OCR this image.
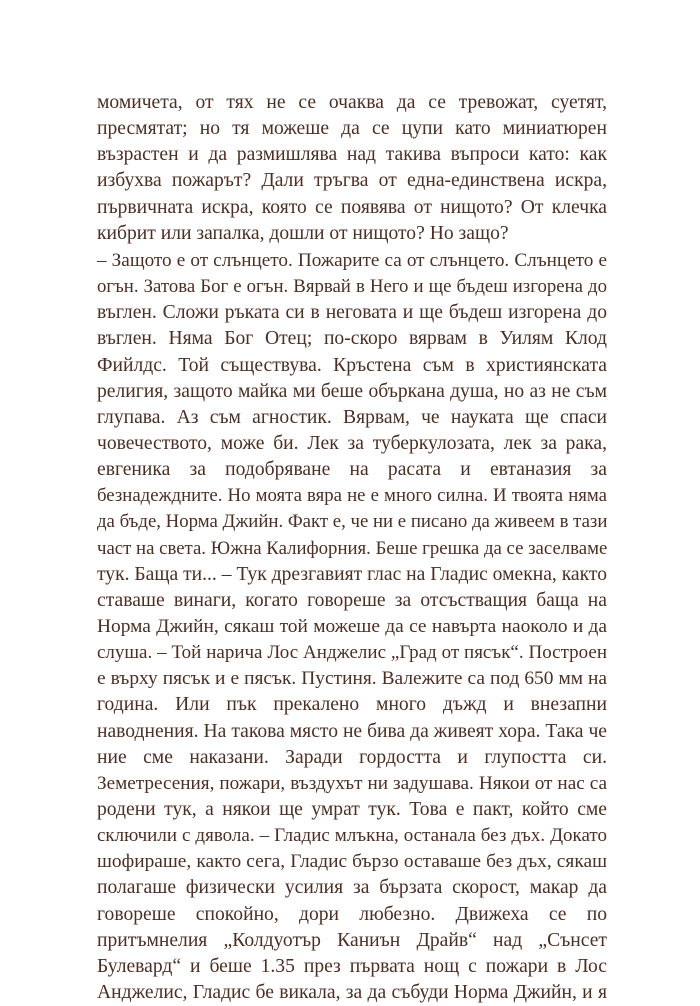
момичета, от тях не се очаква да се тревожат, суетят,
пресмятат; но тя можеше да се цупи като миниатюрен
възрастен и да размишлява над такива въпроси като: как
избухва пожарът? Дали тръгва от една-единствена искра,
първичната искра, която се появява от нищото? От клечка
кибрит или запалка, дошли от нищото? Но защо?
– Защото е от слънцето. Пожарите са от слънцето. Слънцето е
огън. Затова Бог е огън. Вярвай в Него и ще бъдеш изгорена до
въглен. Сложи ръката си в неговата и ще бъдеш изгорена до
въглен. Няма Бог Отец; по-скоро вярвам в Уилям Клод
Фийлдс. Той съществува. Кръстена съм в християнската
религия, защото майка ми беше объркана душа, но аз не съм
глупава. Аз съм агностик. Вярвам, че науката ще спаси
човечеството, може би. Лек за туберкулозата, лек за рака,
евгеника за подобряване на расата и евтаназия за
безнадеждните. Но моята вяра не е много силна. И твоята няма
да бъде, Норма Джийн. Факт е, че ни е писано да живеем в тази
част на света. Южна Калифорния. Беше грешка да се заселваме
тук. Баща ти... – Тук дрезгавият глас на Гладис омекна, както
ставаше винаги, когато говореше за отсъстващия баща на
Норма Джийн, сякаш той можеше да се навърта наоколо и да
слуша. – Той нарича Лос Анджелис „Град от пясък“. Построен
е върху пясък и е пясък. Пустиня. Валежите са под 650 мм на
година. Или пък прекалено много дъжд и внезапни
наводнения. На такова място не бива да живеят хора. Така че
ние сме наказани. Заради гордостта и глупостта си.
Земетресения, пожари, въздухът ни задушава. Някои от нас са
родени тук, а някои ще умрат тук. Това е пакт, който сме
сключили с дявола. – Гладис млъкна, останала без дъх. Докато
шофираше, както сега, Гладис бързо оставаше без дъх, сякаш
полагаше физически усилия за бързата скорост, макар да
говореше спокойно, дори любезно. Движеха се по
притъмнелия „Колдуотър Каниън Драйв“ над „Сънсет
Булевард“ и беше 1.35 през първата нощ с пожари в Лос
Анджелис, Гладис бе викала, за да събуди Норма Джийн, и я
